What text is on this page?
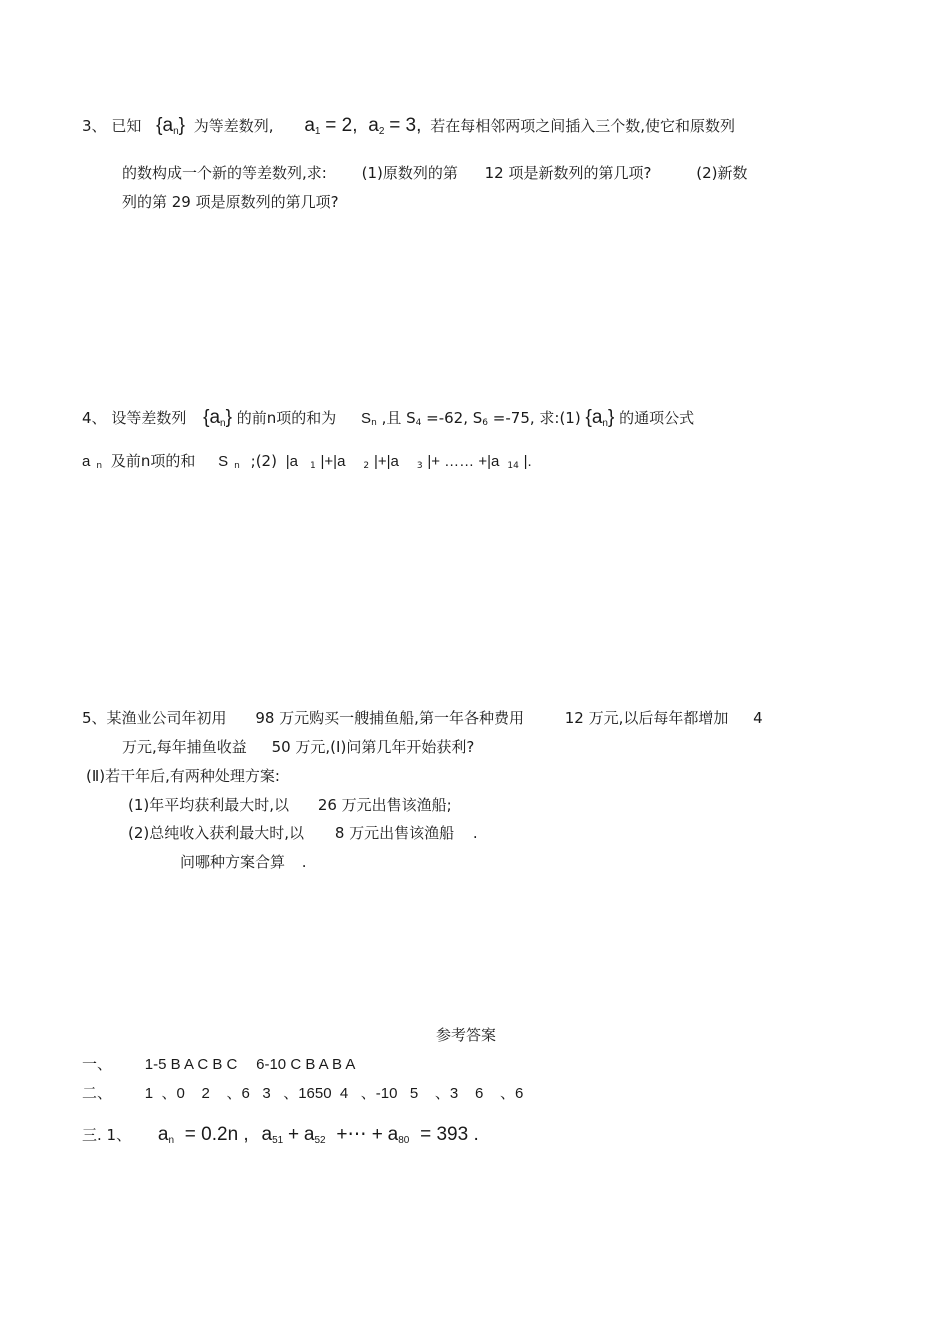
3、 已知 $\{a_n\}$ 为等差数列, $a_1 = 2$, $a_2 = 3$, 若在每相邻两项之间插入三个数,使它和原数列
的数构成一个新的等差数列,求: (1)原数列的第 12 项是新数列的第几项?	(2)新数
列的第 29 项是原数列的第几项?
4、 设等差数列 $\{a_n\}$ 的前n项的和为 $S_n$ ,且 $S_4 =-62$, $S_6 =-75$, 求:(1) $\{a_n\}$ 的通项公式
a $_n$ 及前n项的和 S $_n$ ;(2) |a $_1$ |+|a $_2$ |+|a $_3$ |+ …… +|a $_{14}$ |.
5、某渔业公司年初用 98 万元购买一艘捕鱼船,第一年各种费用	12 万元,以后每年都增加 4
万元,每年捕鱼收益 50 万元,(Ⅰ)问第几年开始获利?
(Ⅱ)若干年后,有两种处理方案:
(1)年平均获利最大时,以 26 万元出售该渔船;
(2)总纯收入获利最大时,以 8 万元出售该渔船 .
问哪种方案合算 .
参考答案
一、 1-5 B A C B C 6-10 C B A B A
二、 1  、0    2    、6   3   、1650  4   、-10   5    、3    6    、6
三. 1、 $a_n = 0.2n$ , $a_{51} + a_{52}$ +⋯ + $a_{80} = 393$ .
